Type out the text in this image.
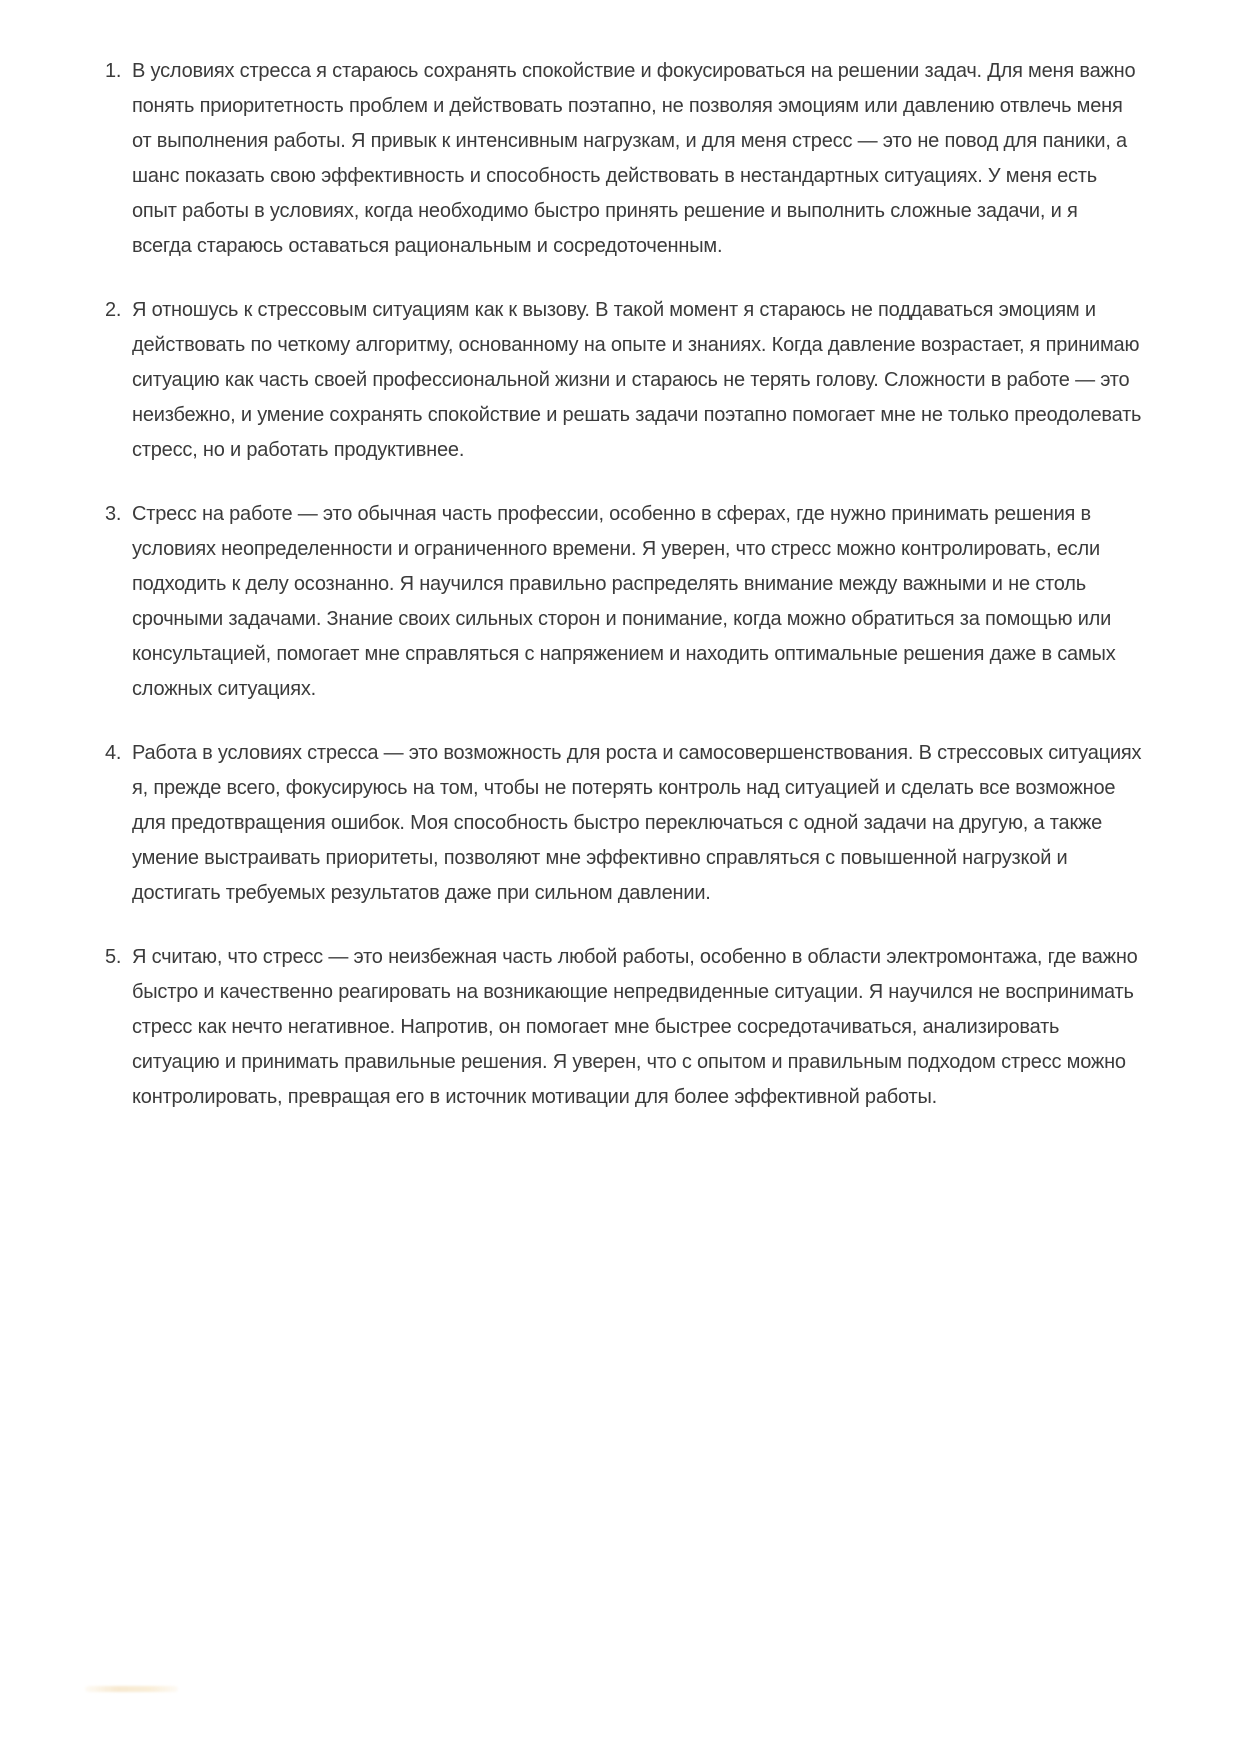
1. В условиях стресса я стараюсь сохранять спокойствие и фокусироваться на решении задач. Для меня важно понять приоритетность проблем и действовать поэтапно, не позволяя эмоциям или давлению отвлечь меня от выполнения работы. Я привык к интенсивным нагрузкам, и для меня стресс — это не повод для паники, а шанс показать свою эффективность и способность действовать в нестандартных ситуациях. У меня есть опыт работы в условиях, когда необходимо быстро принять решение и выполнить сложные задачи, и я всегда стараюсь оставаться рациональным и сосредоточенным.
2. Я отношусь к стрессовым ситуациям как к вызову. В такой момент я стараюсь не поддаваться эмоциям и действовать по четкому алгоритму, основанному на опыте и знаниях. Когда давление возрастает, я принимаю ситуацию как часть своей профессиональной жизни и стараюсь не терять голову. Сложности в работе — это неизбежно, и умение сохранять спокойствие и решать задачи поэтапно помогает мне не только преодолевать стресс, но и работать продуктивнее.
3. Стресс на работе — это обычная часть профессии, особенно в сферах, где нужно принимать решения в условиях неопределенности и ограниченного времени. Я уверен, что стресс можно контролировать, если подходить к делу осознанно. Я научился правильно распределять внимание между важными и не столь срочными задачами. Знание своих сильных сторон и понимание, когда можно обратиться за помощью или консультацией, помогает мне справляться с напряжением и находить оптимальные решения даже в самых сложных ситуациях.
4. Работа в условиях стресса — это возможность для роста и самосовершенствования. В стрессовых ситуациях я, прежде всего, фокусируюсь на том, чтобы не потерять контроль над ситуацией и сделать все возможное для предотвращения ошибок. Моя способность быстро переключаться с одной задачи на другую, а также умение выстраивать приоритеты, позволяют мне эффективно справляться с повышенной нагрузкой и достигать требуемых результатов даже при сильном давлении.
5. Я считаю, что стресс — это неизбежная часть любой работы, особенно в области электромонтажа, где важно быстро и качественно реагировать на возникающие непредвиденные ситуации. Я научился не воспринимать стресс как нечто негативное. Напротив, он помогает мне быстрее сосредотачиваться, анализировать ситуацию и принимать правильные решения. Я уверен, что с опытом и правильным подходом стресс можно контролировать, превращая его в источник мотивации для более эффективной работы.
